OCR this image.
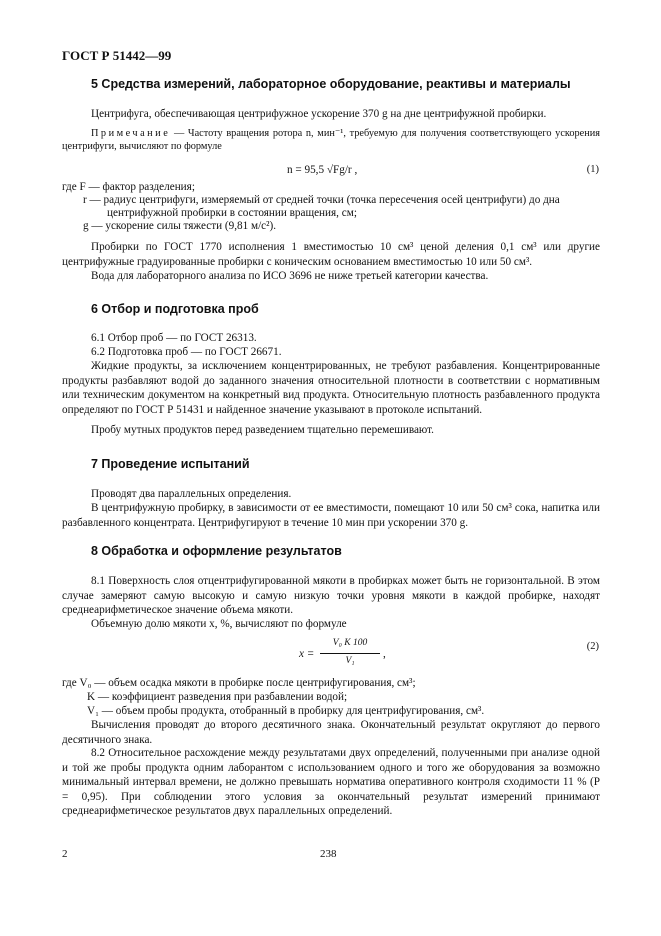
ГОСТ Р 51442—99
5 Средства измерений, лабораторное оборудование, реактивы и материалы
Центрифуга, обеспечивающая центрифужное ускорение 370 g на дне центрифужной пробирки.
Примечание — Частоту вращения ротора n, мин⁻¹, требуемую для получения соответствующего ускорения центрифуги, вычисляют по формуле
n = 95,5 √Fg/r ,	(1)
где F — фактор разделения;
r — радиус центрифуги, измеряемый от средней точки (точка пересечения осей центрифуги) до дна
центрифужной пробирки в состоянии вращения, см;
g — ускорение силы тяжести (9,81 м/с²).
Пробирки по ГОСТ 1770 исполнения 1 вместимостью 10 см³ ценой деления 0,1 см³ или другие центрифужные градуированные пробирки с коническим основанием вместимостью 10 или 50 см³.
Вода для лабораторного анализа по ИСО 3696 не ниже третьей категории качества.
6 Отбор и подготовка проб
6.1 Отбор проб — по ГОСТ 26313.
6.2 Подготовка проб — по ГОСТ 26671.
Жидкие продукты, за исключением концентрированных, не требуют разбавления. Концентрированные продукты разбавляют водой до заданного значения относительной плотности в соответствии с нормативным или техническим документом на конкретный вид продукта. Относительную плотность разбавленного продукта определяют по ГОСТ Р 51431 и найденное значение указывают в протоколе испытаний.
Пробу мутных продуктов перед разведением тщательно перемешивают.
7 Проведение испытаний
Проводят два параллельных определения.
В центрифужную пробирку, в зависимости от ее вместимости, помещают 10 или 50 см³ сока, напитка или разбавленного концентрата. Центрифугируют в течение 10 мин при ускорении 370 g.
8 Обработка и оформление результатов
8.1 Поверхность слоя отцентрифугированной мякоти в пробирках может быть не горизонтальной. В этом случае замеряют самую высокую и самую низкую точки уровня мякоти в каждой пробирке, находят среднеарифметическое значение объема мякоти.
Объемную долю мякоти x, %, вычисляют по формуле
x =
V₀ K 100
V₁
,
(2)
где V₀ — объем осадка мякоти в пробирке после центрифугирования, см³;
K — коэффициент разведения при разбавлении водой;
V₁ — объем пробы продукта, отобранный в пробирку для центрифугирования, см³.
Вычисления проводят до второго десятичного знака. Окончательный результат округляют до первого десятичного знака.
8.2 Относительное расхождение между результатами двух определений, полученными при анализе одной и той же пробы продукта одним лаборантом с использованием одного и того же оборудования за возможно минимальный интервал времени, не должно превышать норматива оперативного контроля сходимости 11 % (P = 0,95). При соблюдении этого условия за окончательный результат измерений принимают среднеарифметическое результатов двух параллельных определений.
2	238
